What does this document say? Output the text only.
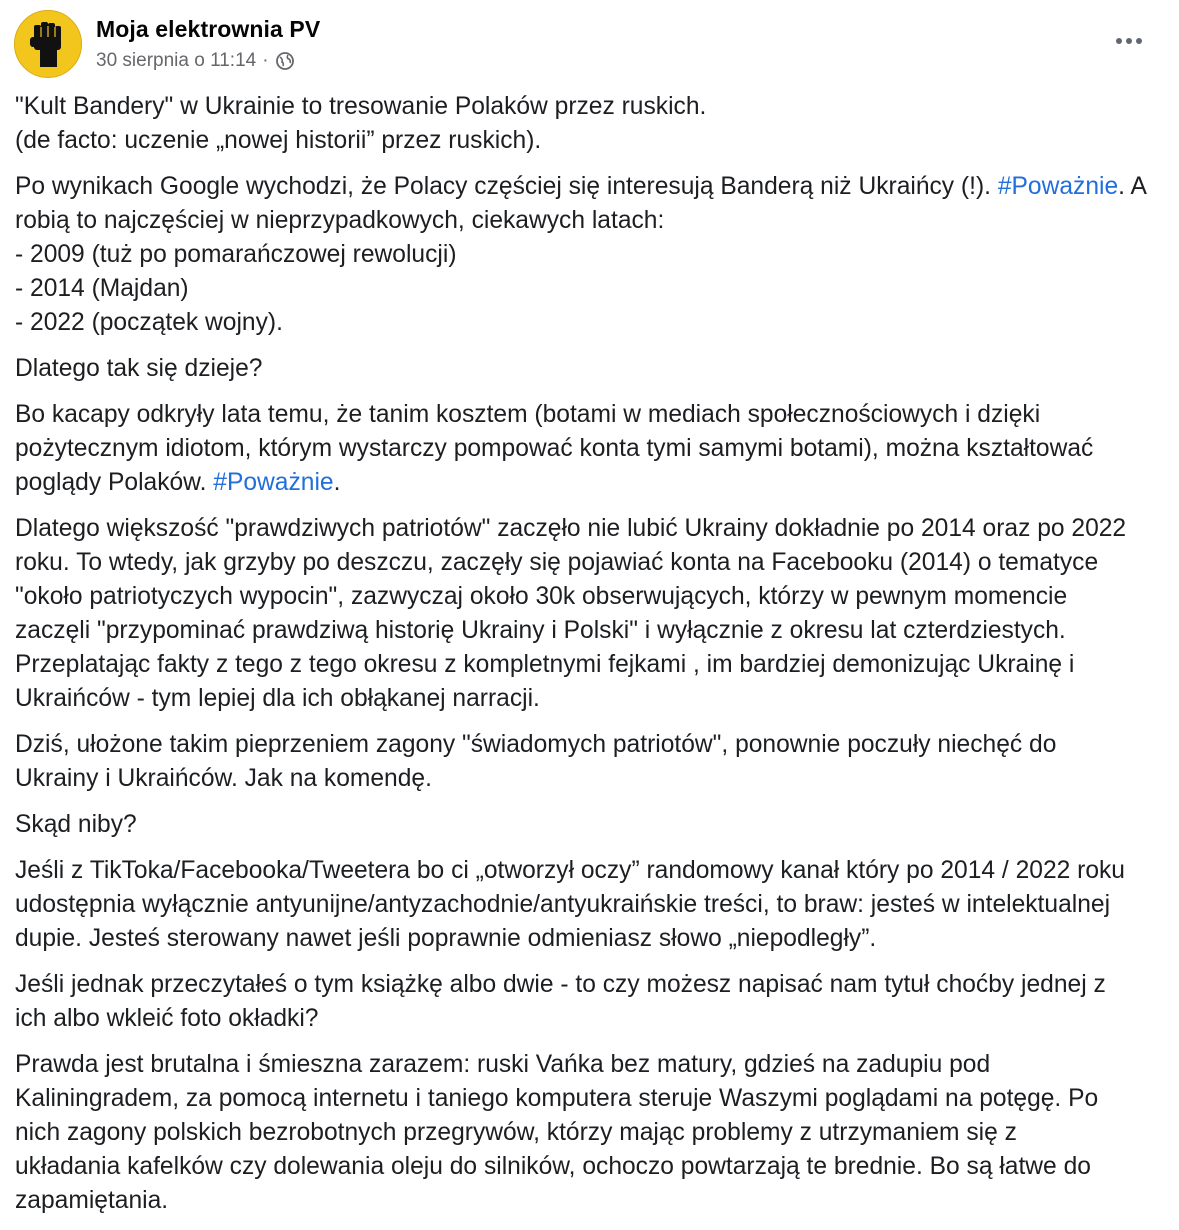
Moja elektrownia PV
30 sierpnia o 11:14 ·

"Kult Bandery" w Ukrainie to tresowanie Polaków przez ruskich.
(de facto: uczenie „nowej historii” przez ruskich).

Po wynikach Google wychodzi, że Polacy częściej się interesują Banderą niż Ukraińcy (!). #Poważnie. A
robią to najczęściej w nieprzypadkowych, ciekawych latach:
- 2009 (tuż po pomarańczowej rewolucji)
- 2014 (Majdan)
- 2022 (początek wojny).

Dlatego tak się dzieje?

Bo kacapy odkryły lata temu, że tanim kosztem (botami w mediach społecznościowych i dzięki
pożytecznym idiotom, którym wystarczy pompować konta tymi samymi botami), można kształtować
poglądy Polaków. #Poważnie.

Dlatego większość "prawdziwych patriotów" zaczęło nie lubić Ukrainy dokładnie po 2014 oraz po 2022
roku. To wtedy, jak grzyby po deszczu, zaczęły się pojawiać konta na Facebooku (2014) o tematyce
"około patriotyczych wypocin", zazwyczaj około 30k obserwujących, którzy w pewnym momencie
zaczęli "przypominać prawdziwą historię Ukrainy i Polski" i wyłącznie z okresu lat czterdziestych.
Przeplatając fakty z tego z tego okresu z kompletnymi fejkami , im bardziej demonizując Ukrainę i
Ukraińców - tym lepiej dla ich obłąkanej narracji.

Dziś, ułożone takim pieprzeniem zagony "świadomych patriotów", ponownie poczuły niechęć do
Ukrainy i Ukraińców. Jak na komendę.

Skąd niby?

Jeśli z TikToka/Facebooka/Tweetera bo ci „otworzył oczy” randomowy kanał który po 2014 / 2022 roku
udostępnia wyłącznie antyunijne/antyzachodnie/antyukraińskie treści, to braw: jesteś w intelektualnej
dupie. Jesteś sterowany nawet jeśli poprawnie odmieniasz słowo „niepodległy”.

Jeśli jednak przeczytałeś o tym książkę albo dwie - to czy możesz napisać nam tytuł choćby jednej z
ich albo wkleić foto okładki?

Prawda jest brutalna i śmieszna zarazem: ruski Vańka bez matury, gdzieś na zadupiu pod
Kaliningradem, za pomocą internetu i taniego komputera steruje Waszymi poglądami na potęgę. Po
nich zagony polskich bezrobotnych przegrywów, którzy mając problemy z utrzymaniem się z
układania kafelków czy dolewania oleju do silników, ochoczo powtarzają te brednie. Bo są łatwe do
zapamiętania.
